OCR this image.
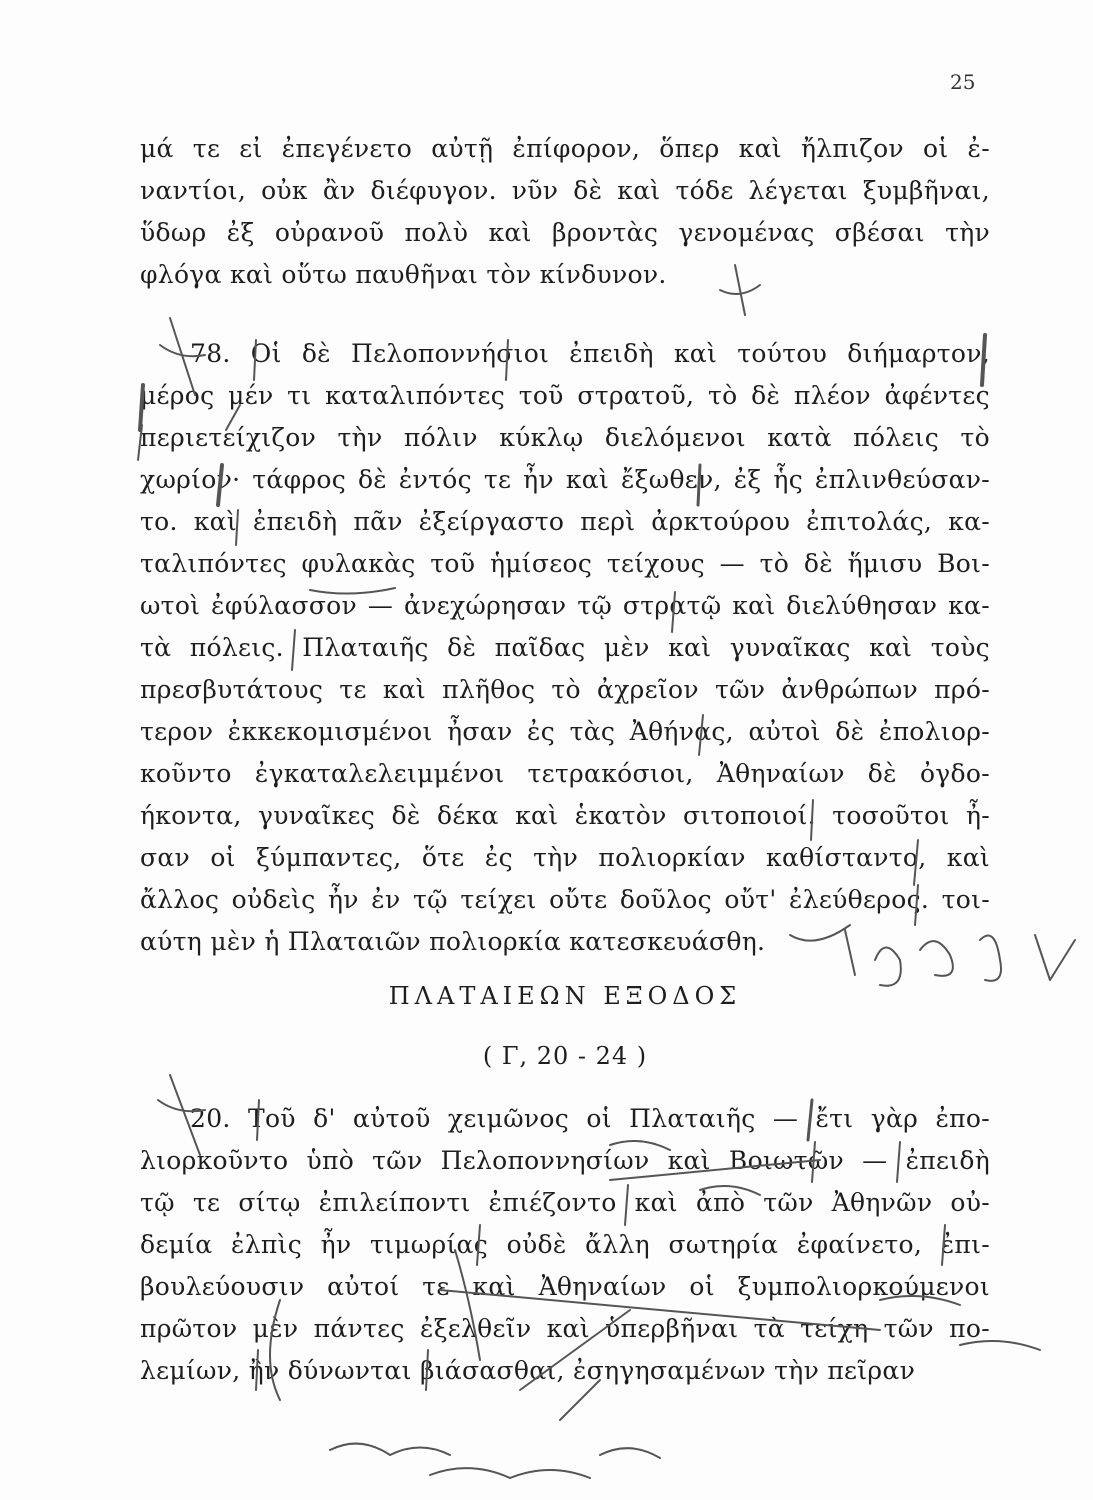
25
μά τε εἰ ἐπεγένετο αὐτῇ ἐπίφορον, ὅπερ καὶ ἤλπιζον οἱ ἐ-
ναντίοι, οὐκ ἂν διέφυγον. νῦν δὲ καὶ τόδε λέγεται ξυμβῆναι,
ὕδωρ ἐξ οὐρανοῦ πολὺ καὶ βροντὰς γενομένας σβέσαι τὴν
φλόγα καὶ οὕτω παυθῆναι τὸν κίνδυνον.
78. Οἱ δὲ Πελοποννήσιοι ἐπειδὴ καὶ τούτου διήμαρτον,
μέρος μέν τι καταλιπόντες τοῦ στρατοῦ, τὸ δὲ πλέον ἀφέντες
περιετείχιζον τὴν πόλιν κύκλῳ διελόμενοι κατὰ πόλεις τὸ
χωρίον· τάφρος δὲ ἐντός τε ἦν καὶ ἔξωθεν, ἐξ ἧς ἐπλινθεύσαν-
το. καὶ ἐπειδὴ πᾶν ἐξείργαστο περὶ ἀρκτούρου ἐπιτολάς, κα-
ταλιπόντες φυλακὰς τοῦ ἡμίσεος τείχους — τὸ δὲ ἥμισυ Βοι-
ωτοὶ ἐφύλασσον — ἀνεχώρησαν τῷ στρατῷ καὶ διελύθησαν κα-
τὰ πόλεις. Πλαταιῆς δὲ παῖδας μὲν καὶ γυναῖκας καὶ τοὺς
πρεσβυτάτους τε καὶ πλῆθος τὸ ἀχρεῖον τῶν ἀνθρώπων πρό-
τερον ἐκκεκομισμένοι ἦσαν ἐς τὰς Ἀθήνας, αὐτοὶ δὲ ἐπολιορ-
κοῦντο ἐγκαταλελειμμένοι τετρακόσιοι, Ἀθηναίων δὲ ὀγδο-
ήκοντα, γυναῖκες δὲ δέκα καὶ ἑκατὸν σιτοποιοί. τοσοῦτοι ἦ-
σαν οἱ ξύμπαντες, ὅτε ἐς τὴν πολιορκίαν καθίσταντο, καὶ
ἄλλος οὐδεὶς ἦν ἐν τῷ τείχει οὔτε δοῦλος οὔτ' ἐλεύθερος. τοι-
αύτη μὲν ἡ Πλαταιῶν πολιορκία κατεσκευάσθη.
ΠΛΑΤΑΙΕΩΝ ΕΞΟΔΟΣ
( Γ, 20 - 24 )
20. Τοῦ δ' αὐτοῦ χειμῶνος οἱ Πλαταιῆς — ἔτι γὰρ ἐπο-
λιορκοῦντο ὑπὸ τῶν Πελοποννησίων καὶ Βοιωτῶν — ἐπειδὴ
τῷ τε σίτῳ ἐπιλείποντι ἐπιέζοντο καὶ ἀπὸ τῶν Ἀθηνῶν οὐ-
δεμία ἐλπὶς ἦν τιμωρίας οὐδὲ ἄλλη σωτηρία ἐφαίνετο, ἐπι-
βουλεύουσιν αὐτοί τε καὶ Ἀθηναίων οἱ ξυμπολιορκούμενοι
πρῶτον μὲν πάντες ἐξελθεῖν καὶ ὑπερβῆναι τὰ τείχη τῶν πο-
λεμίων, ἢν δύνωνται βιάσασθαι, ἐσηγησαμένων τὴν πεῖραν
